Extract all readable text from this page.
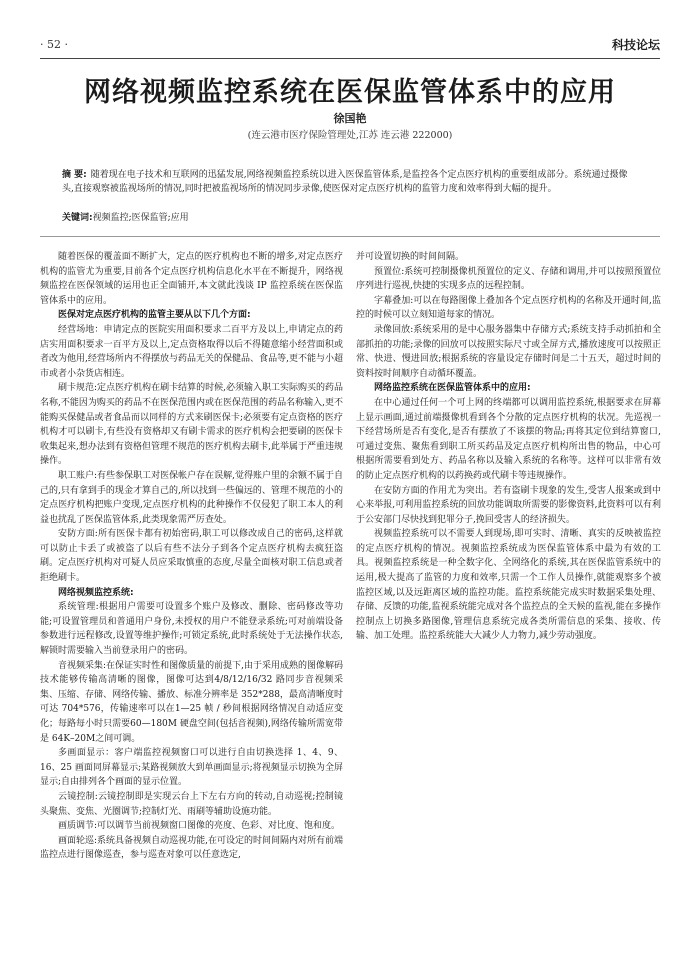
· 52 ·	科技论坛
网络视频监控系统在医保监管体系中的应用
徐国艳
(连云港市医疗保险管理处,江苏 连云港 222000)
摘 要: 随着现在电子技术和互联网的迅猛发展,网络视频监控系统以进入医保监管体系,是监控各个定点医疗机构的重要组成部分。系统通过摄像头,直接观察被监视场所的情况,同时把被监视场所的情况同步录像,使医保对定点医疗机构的监管力度和效率得到大幅的提升。
关键词:视频监控;医保监管;应用

随着医保的覆盖面不断扩大，定点的医疗机构也不断的增多,对定点医疗机构的监管尤为重要,目前各个定点医疗机构信息化水平在不断提升，网络视频监控在医保领域的运用也正全面铺开,本文就此浅谈 IP 监控系统在医保监管体系中的应用。

医保对定点医疗机构的监管主要从以下几个方面:

经营场地：申请定点的医院实用面积要求二百平方及以上,申请定点的药店实用面积要求一百平方及以上,定点资格取得以后不得随意缩小经营面积或者改为他用,经营场所内不得摆放与药品无关的保健品、食品等,更不能与小超市或者小杂货店相连。

刷卡规范:定点医疗机构在刷卡结算的时候,必须输入职工实际购买的药品名称,不能因为购买的药品不在医保范围内或在医保范围的药品名称输入,更不能购买保健品或者食品而以同样的方式来刷医保卡;必须要有定点资格的医疗机构才可以刷卡,有些没有资格却又有刷卡需求的医疗机构会把要刷的医保卡收集起来,想办法到有资格但管理不规范的医疗机构去刷卡,此举属于严重违规操作。

职工账户:有些参保职工对医保帐户存在误解,觉得账户里的余额不属于自己的,只有拿到手的现金才算自己的,所以找到一些偏远的、管理不规范的小的定点医疗机构把账户变现,定点医疗机构的此种操作不仅侵犯了职工本人的利益也扰乱了医保监管体系,此类现象需严厉查处。

安防方面:所有医保卡都有初始密码,职工可以修改成自己的密码,这样就可以防止卡丢了或被盗了以后有些不法分子到各个定点医疗机构去疯狂盗刷。定点医疗机构对可疑人员应采取慎重的态度,尽量全面核对职工信息或者拒绝刷卡。

网络视频监控系统:

系统管理:根据用户需要可设置多个账户及修改、删除、密码修改等功能;可设置管理员和普通用户身份,未授权的用户不能登录系统;可对前端设备参数进行远程修改,设置等维护操作;可锁定系统,此时系统处于无法操作状态,解锁时需要输入当前登录用户的密码。

音视频采集:在保证实时性和图像质量的前提下,由于采用成熟的图像解码技术能够传输高清晰的图像，图像可达到4/8/12/16/32 路同步音视频采集、压缩、存储、网络传输、播放、标准分辨率是 352*288，最高清晰度时可达 704*576，传输速率可以在1—25 帧 / 秒间根据网络情况自动适应变化；每路每小时只需要60—180M 硬盘空间(包括音视频),网络传输所需宽带是 64K–20M之间可调。

多画面显示：客户端监控视频窗口可以进行自由切换选择 1、4、9、16、25 画面同屏幕显示;某路视频放大到单画面显示;将视频显示切换为全屏显示;自由排列各个画面的显示位置。

云镜控制:云镜控制即是实现云台上下左右方向的转动,自动巡视;控制镜头聚焦、变焦、光圈调节;控制灯光、雨刷等辅助设施功能。

画质调节:可以调节当前视频窗口图像的亮度、色彩、对比度、饱和度。

画面轮巡:系统具备视频自动巡视功能,在可设定的时间间隔内对所有前端监控点进行图像巡查，参与巡查对象可以任意选定,

并可设置切换的时间间隔。

预置位:系统可控制摄像机预置位的定义、存储和调用,并可以按照预置位序列进行巡视,快捷的实现多点的远程控制。

字幕叠加:可以在每路图像上叠加各个定点医疗机构的名称及开通时间,监控的时候可以立刻知道每家的情况。

录像回放:系统采用的是中心服务器集中存储方式;系统支持手动抓拍和全部抓拍的功能;录像的回放可以按照实际尺寸或全屏方式,播放速度可以按照正常、快进、慢进回放;根据系统的容量设定存储时间是二十五天，超过时间的资料按时间顺序自动循环覆盖。

网络监控系统在医保监管体系中的应用:

在中心通过任何一个可上网的终端都可以调用监控系统,根据要求在屏幕上显示画面,通过前端摄像机看到各个分散的定点医疗机构的状况。先巡视一下经营场所是否有变化,是否有摆放了不该摆的物品;再将其定位到结算窗口,可通过变焦、聚焦看到职工所买药品及定点医疗机构所出售的物品，中心可根据所需要看到处方、药品名称以及输入系统的名称等。这样可以非常有效的防止定点医疗机构的以药换药或代刷卡等违规操作。

在安防方面的作用尤为突出。若有盗刷卡现象的发生,受害人报案或到中心来举报,可利用监控系统的回放功能调取所需要的影像资料,此资料可以有利于公安部门尽快找到犯罪分子,挽回受害人的经济损失。

视频监控系统可以不需要人到现场,即可实时、清晰、真实的反映被监控的定点医疗机构的情况。视频监控系统成为医保监管体系中最为有效的工具。视频监控系统是一种全数字化、全网络化的系统,其在医保监管系统中的运用,极大提高了监管的力度和效率,只需一个工作人员操作,就能观察多个被监控区域,以及远距离区域的监控功能。监控系统能完成实时数据采集处理、存储、反馈的功能,监视系统能完成对各个监控点的全天候的监视,能在多操作控制点上切换多路图像,管理信息系统完成各类所需信息的采集、接收、传输、加工处理。监控系统能大大减少人力物力,减少劳动强度。
